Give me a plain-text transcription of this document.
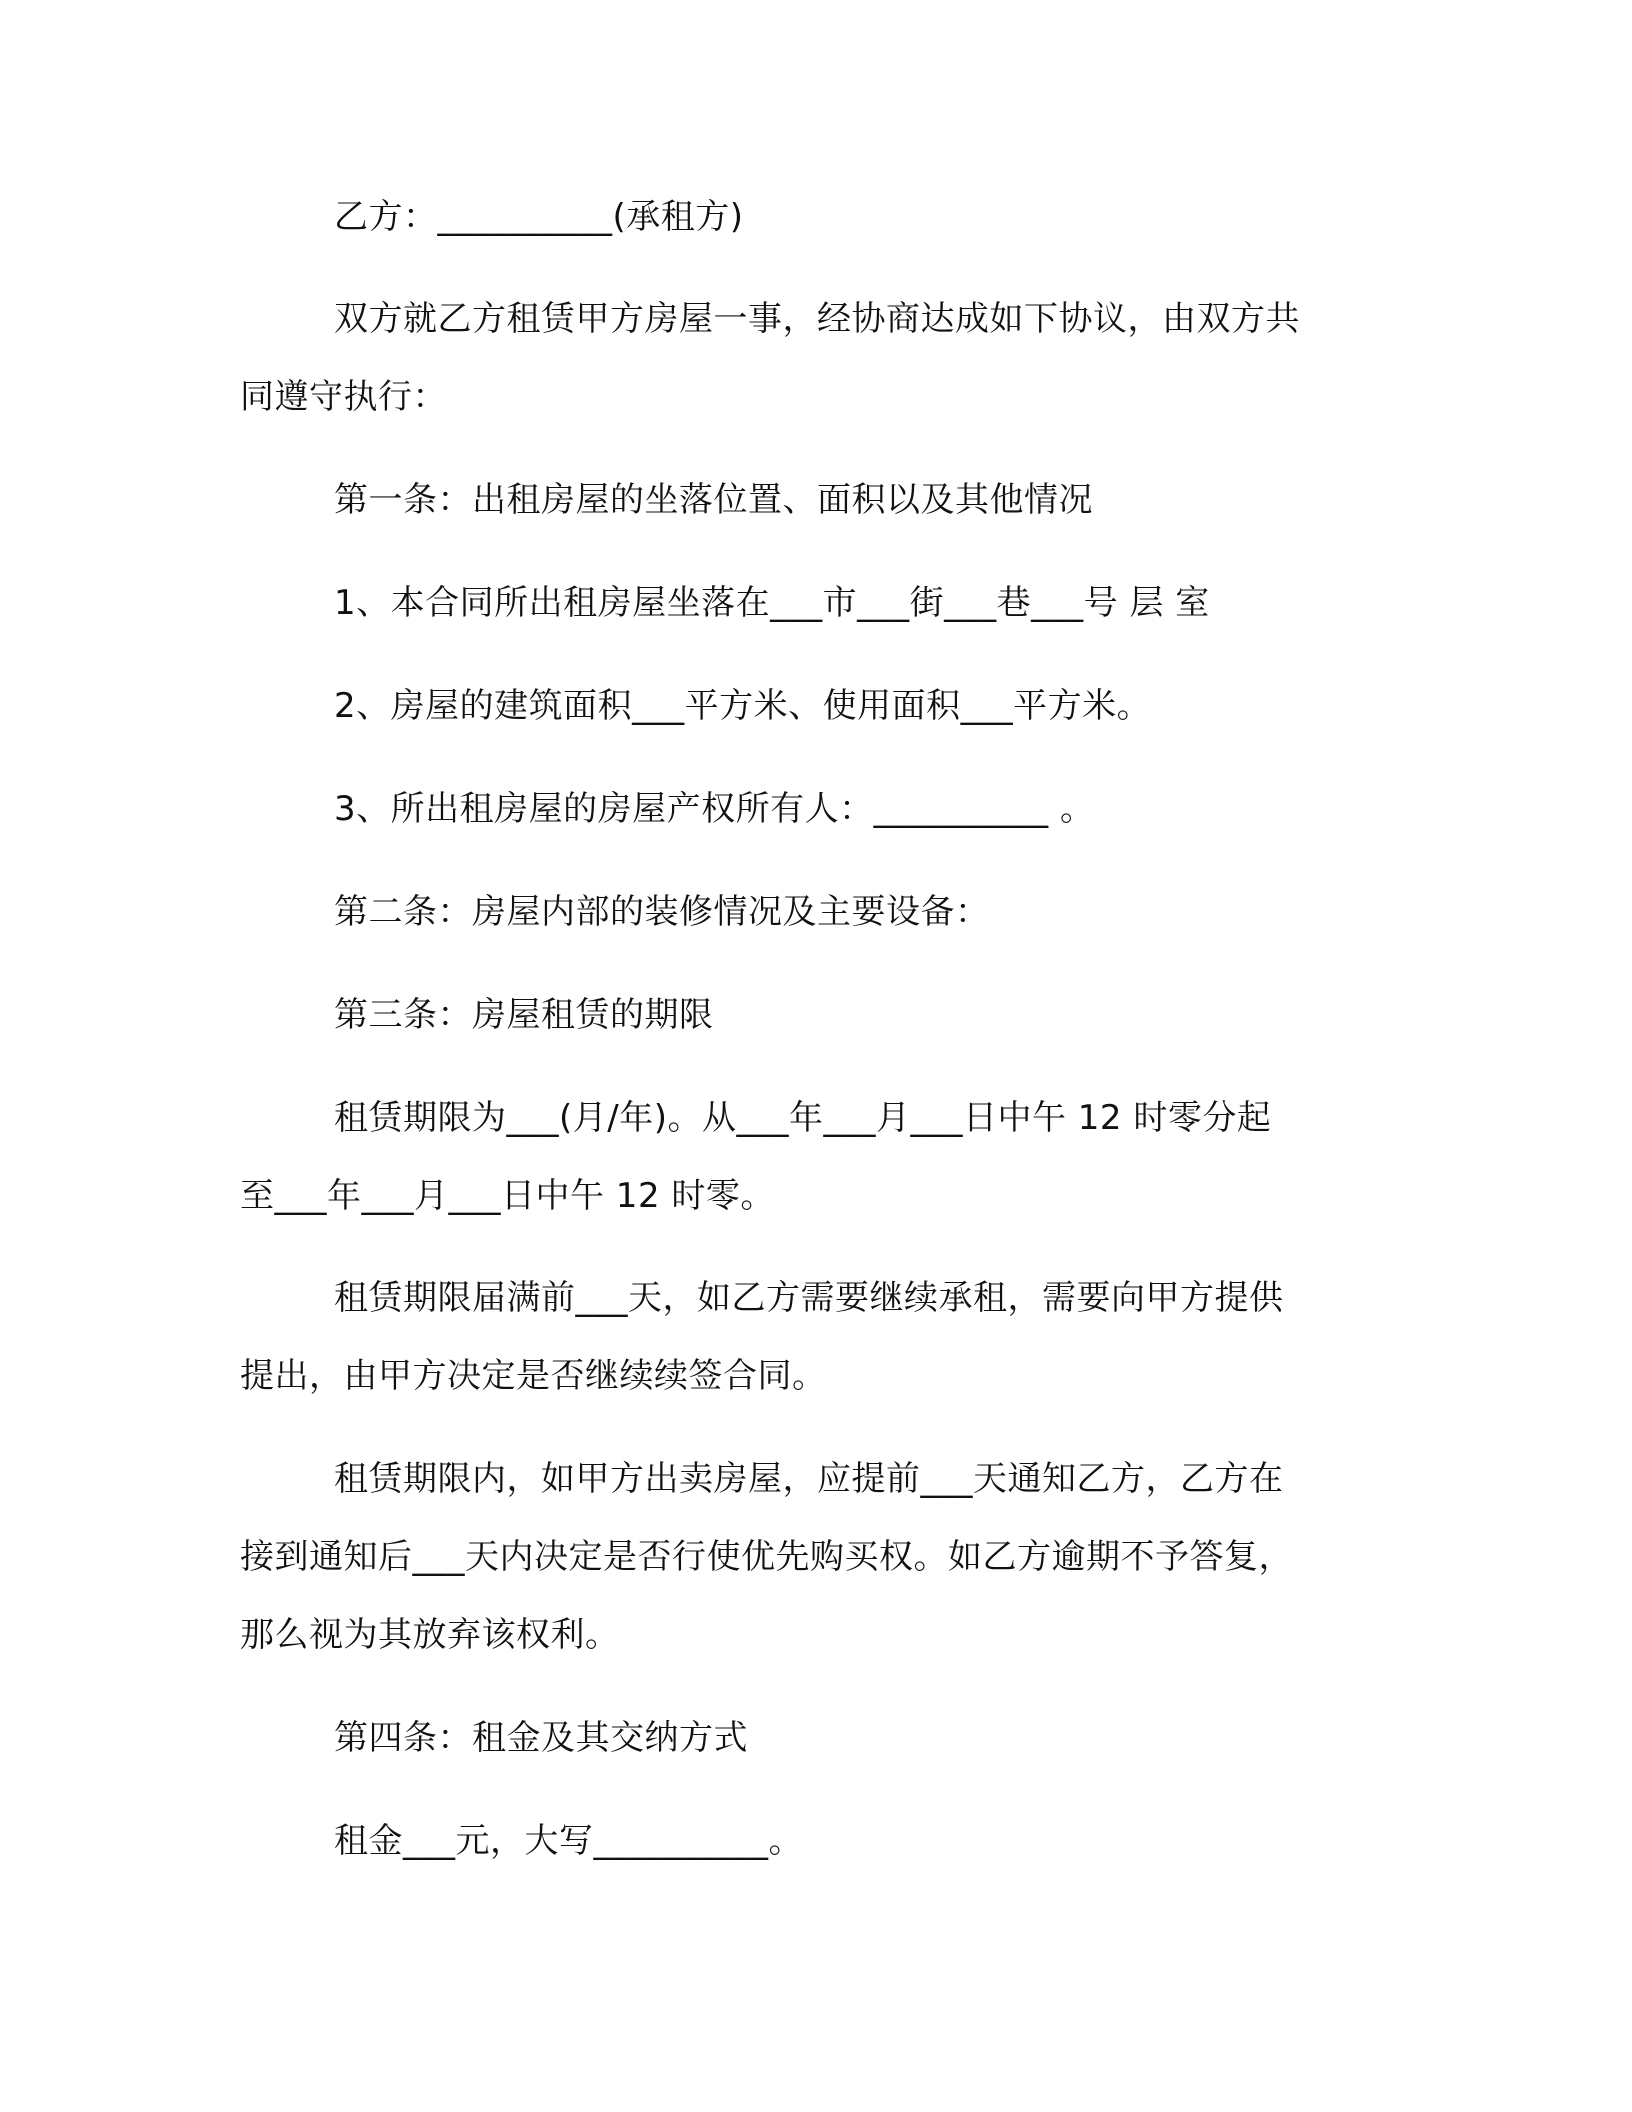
乙方：__________(承租方)
双方就乙方租赁甲方房屋一事，经协商达成如下协议，由双方共
同遵守执行：
第一条：出租房屋的坐落位置、面积以及其他情况
1、本合同所出租房屋坐落在___市___街___巷___号 层 室
2、房屋的建筑面积___平方米、使用面积___平方米。
3、所出租房屋的房屋产权所有人：__________ 。
第二条：房屋内部的装修情况及主要设备：
第三条：房屋租赁的期限
租赁期限为___(月/年)。从___年___月___日中午 12 时零分起
至___年___月___日中午 12 时零。
租赁期限届满前___天，如乙方需要继续承租，需要向甲方提供
提出，由甲方决定是否继续续签合同。
租赁期限内，如甲方出卖房屋，应提前___天通知乙方，乙方在
接到通知后___天内决定是否行使优先购买权。如乙方逾期不予答复，
那么视为其放弃该权利。
第四条：租金及其交纳方式
租金___元，大写__________。
